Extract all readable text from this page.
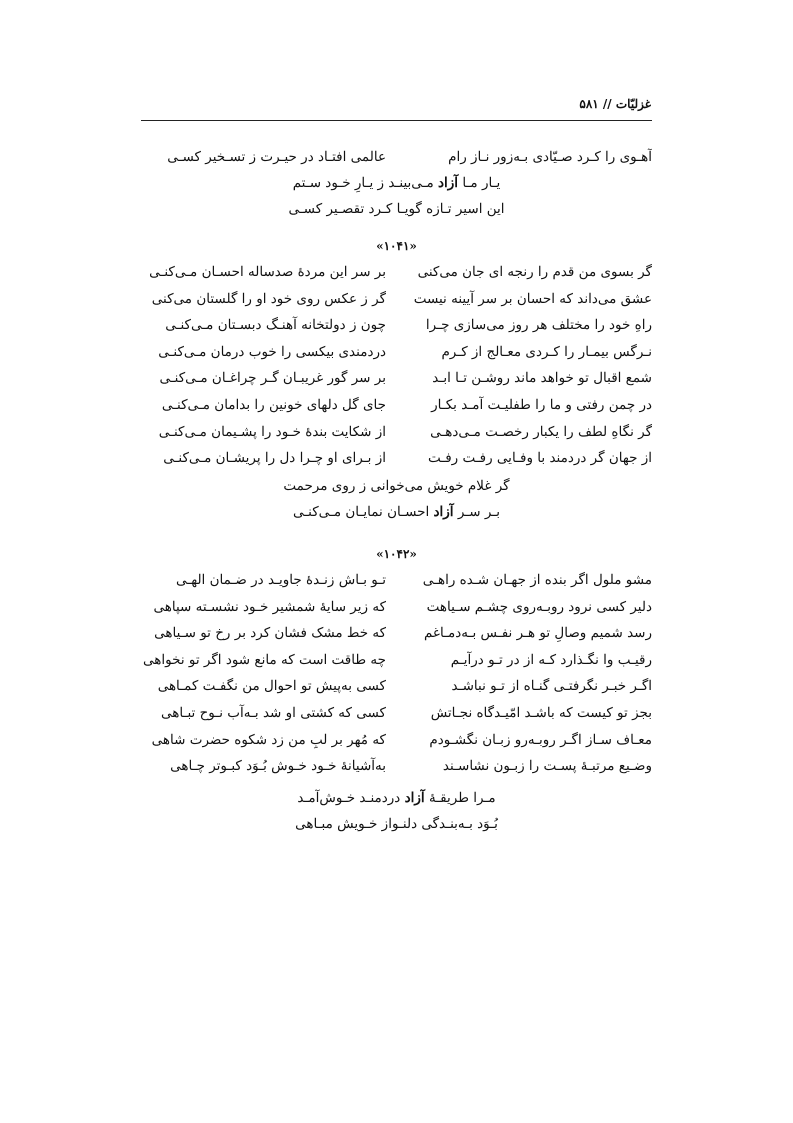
غزلیّات // ۵۸۱
آهـوی را کـرد صـیّادی بـه‌زور نـاز رام
عالمی افتـاد در حیـرت ز تسـخیر کسـی
یـار مـا آزاد مـی‌بینـد ز یـارِ خـود سـتم
این اسیر تـازه گویـا کـرد تقصـیر کسـی
«۱۰۴۱»
گر بسوی من قدم را رنجه ای جان می‌کنی
بر سر این مردهٔ صدساله احسـان مـی‌کنـی
عشق می‌داند که احسان بر سر آیینه نیست
گر ز عکس روی خود او را گلستان می‌کنی
راهِ خود را مختلف هر روز می‌سازی چـرا
چون ز دولتخانه آهنـگ دبسـتان مـی‌کنـی
نـرگس بیمـار را کـردی معـالج از کـرم
دردمندی بیکسی را خوب درمان مـی‌کنـی
شمع اقبال تو خواهد ماند روشـن تـا ابـد
بر سر گور غریبـان گـر چراغـان مـی‌کنـی
در چمن رفتی و ما را طفلیـت آمـد بکـار
جای گل دلهای خونین را بدامان مـی‌کنـی
گر نگاهِ لطف را یکبار رخصـت مـی‌دهـی
از شکایت بندهٔ خـود را پشـیمان مـی‌کنـی
از جهان گر دردمند با وفـایی رفـت رفـت
از بـرای او چـرا دل را پریشـان مـی‌کنـی
گر غلام خویش می‌خوانی ز روی مرحمت
بـر سـر آزاد احسـان نمایـان مـی‌کنـی
«۱۰۴۲»
مشو ملول اگر بنده از جهـان شـده راهـی
تـو بـاش زنـدهٔ جاویـد در ضـمان الهـی
دلیر کسی نرود روبـه‌روی چشـم سـیاهت
که زیر سایهٔ شمشیر خـود نشسـته سپاهی
رسد شمیم وصالِ تو هـر نفـس بـه‌دمـاغم
که خط مشک فشان کرد بر رخ تو سـیاهی
رقیـب وا نگـذارد کـه از در تـو درآیـم
چه طاقت است که مانع شود اگر تو نخواهی
اگـر خبـر نگرفتـی گنـاه از تـو نباشـد
کسی به‌پیش تو احوال من نگفـت کمـاهی
بجز تو کیست که باشـد امّیـدگاه نجـاتش
کسی که کشتی او شد بـه‌آب نـوح تبـاهی
معـاف سـاز اگـر روبـه‌رو زبـان نگشـودم
که مُهر بر لبِ من زد شکوه حضرت شاهی
وضـیع مرتبـهٔ پسـت را زبـون نشاسـند
به‌آشیانهٔ خـود خـوش بُـوَد کبـوتر چـاهی
مـرا طریقـهٔ آزاد دردمنـد خـوش‌آمـد
بُـوَد بـه‌بنـدگی دلنـواز خـویش مبـاهی
